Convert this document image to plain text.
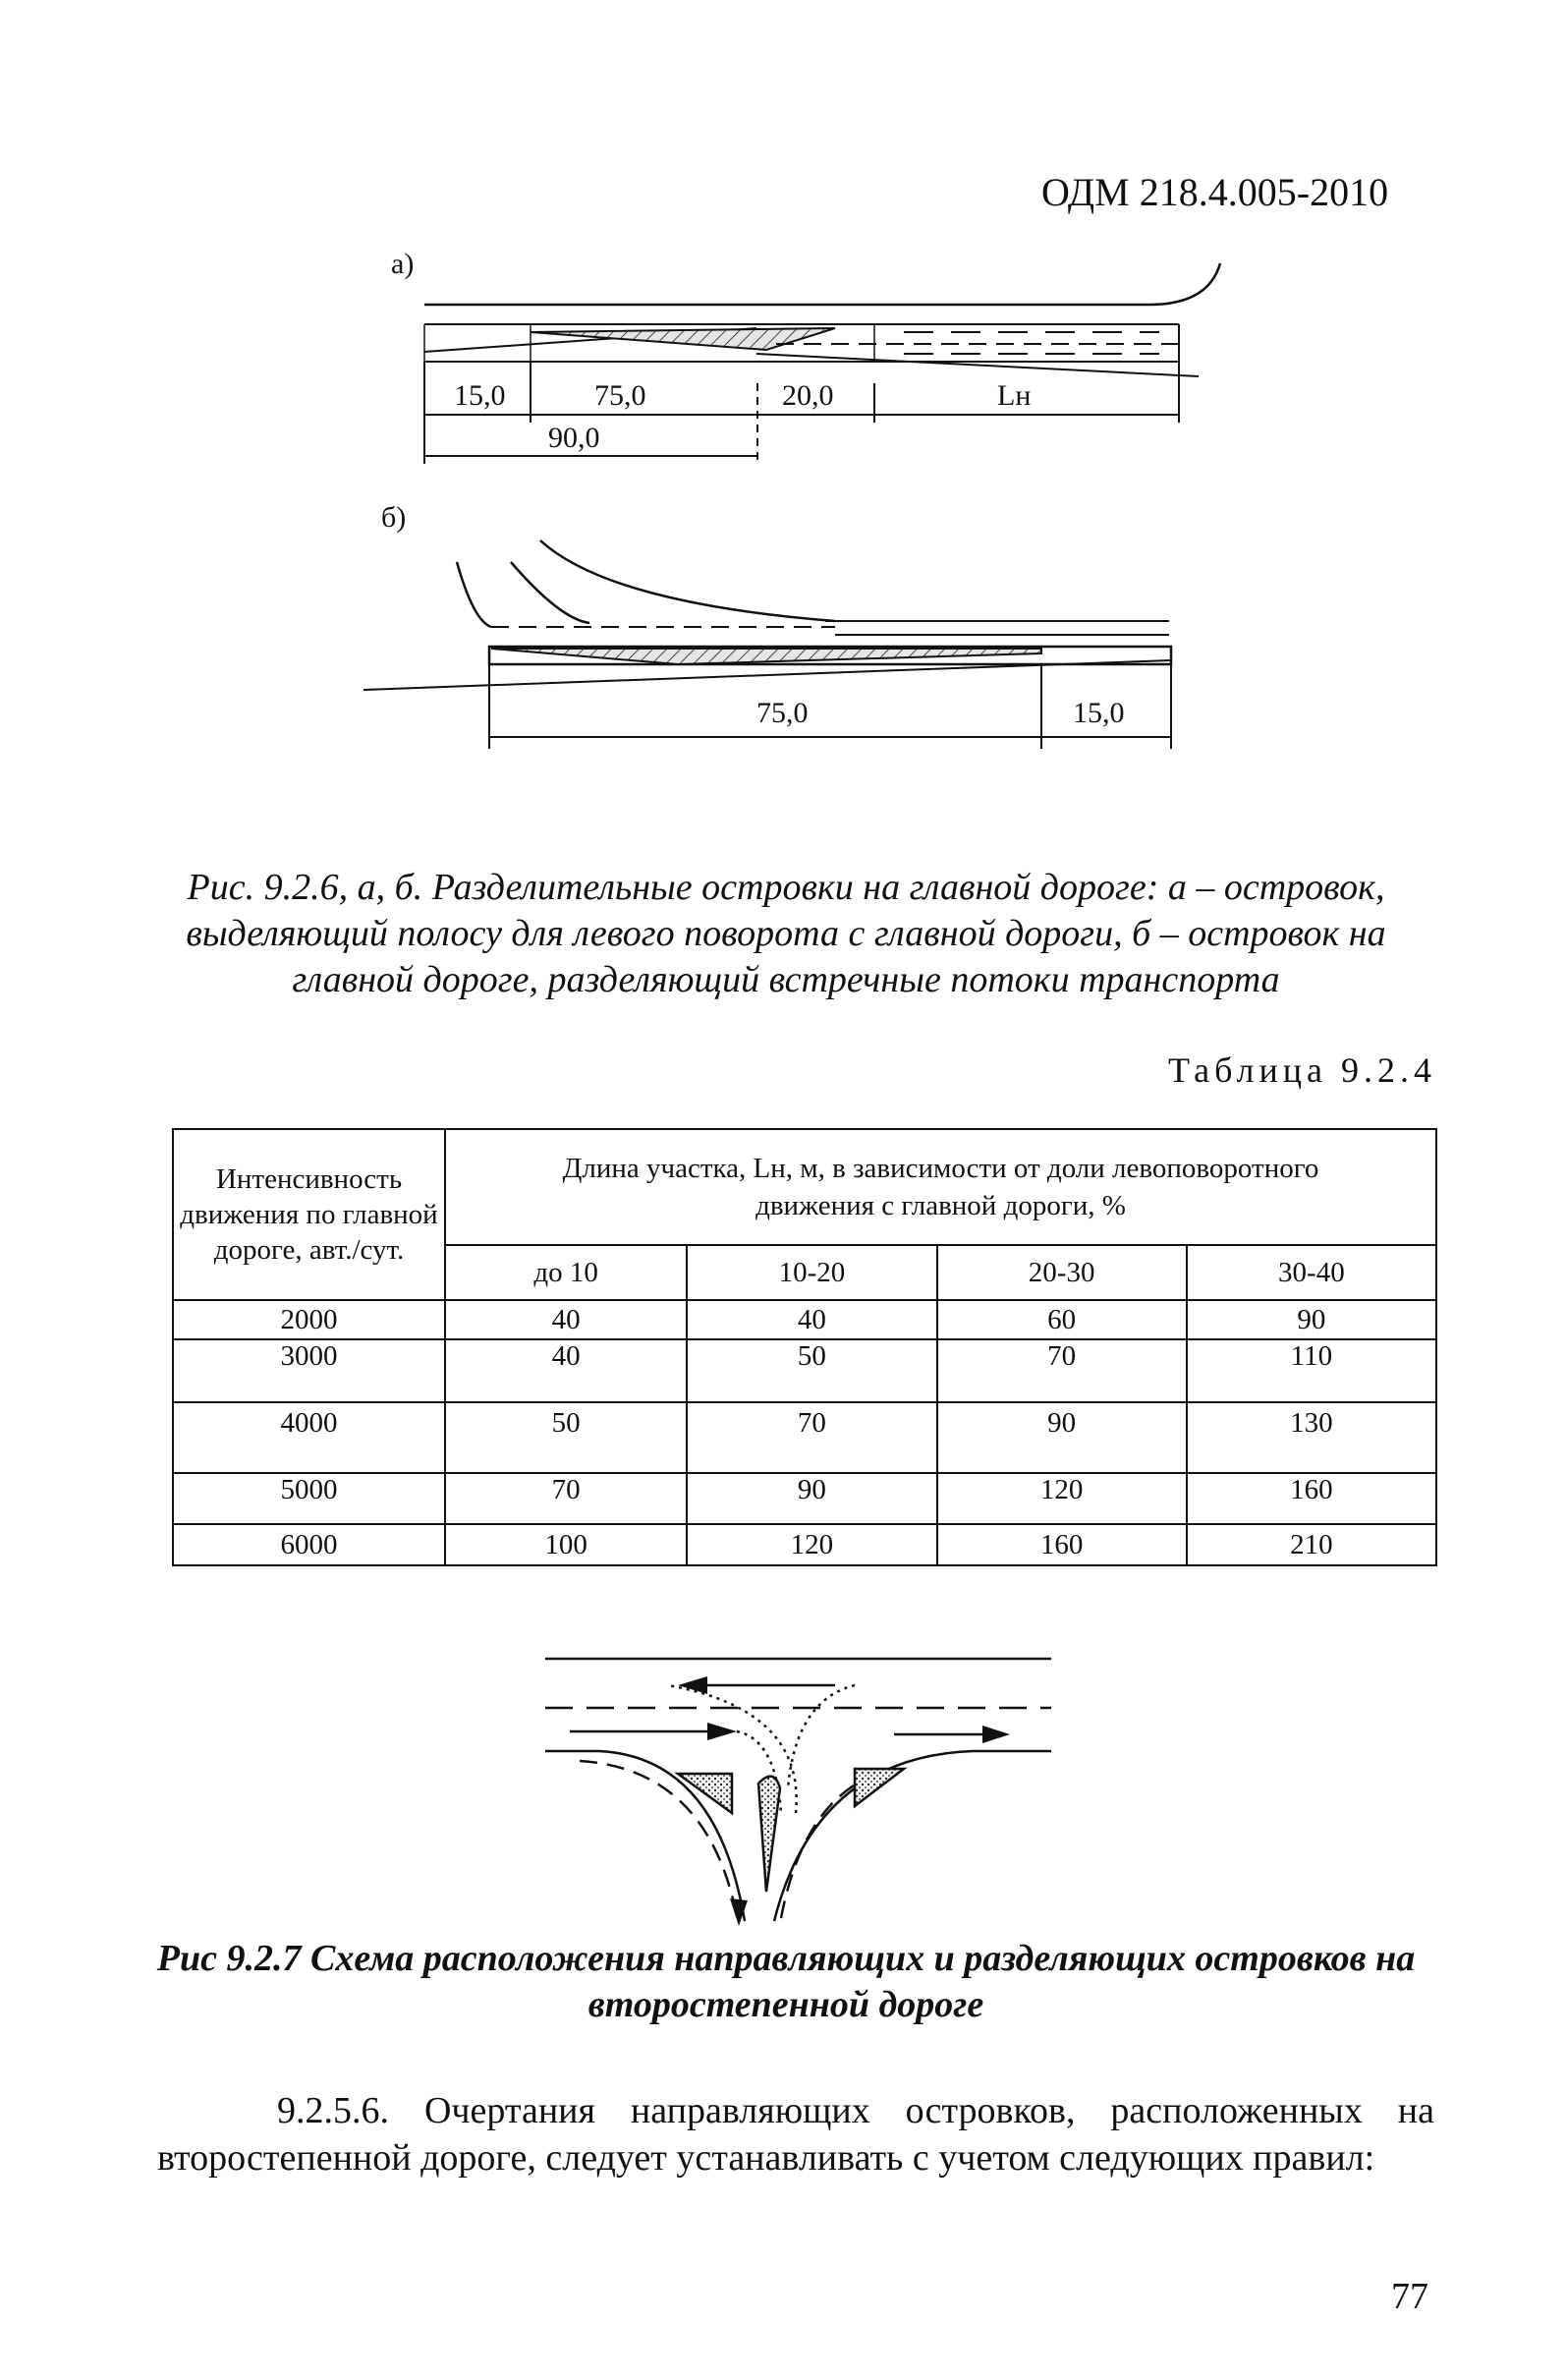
ОДМ 218.4.005-2010
а)
15,0	75,0	20,0	Lн
90,0
б)
75,0	15,0
Рис. 9.2.6, а, б. Разделительные островки на главной дороге: а – островок, выделяющий полосу для левого поворота с главной дороги, б – островок на главной дороге, разделяющий встречные потоки транспорта
Таблица 9.2.4
Интенсивность движения по главной дороге, авт./сут.	Длина участка, Lн, м, в зависимости от доли левоповоротного движения с главной дороги, %			
	до 10	10-20	20-30	30-40
2000	40	40	60	90
3000	40	50	70	110
4000	50	70	90	130
5000	70	90	120	160
6000	100	120	160	210
Рис 9.2.7 Схема расположения направляющих и разделяющих островков на второстепенной дороге

9.2.5.6. Очертания направляющих островков, расположенных на

второстепенной дороге, следует устанавливать с учетом следующих правил:

77
